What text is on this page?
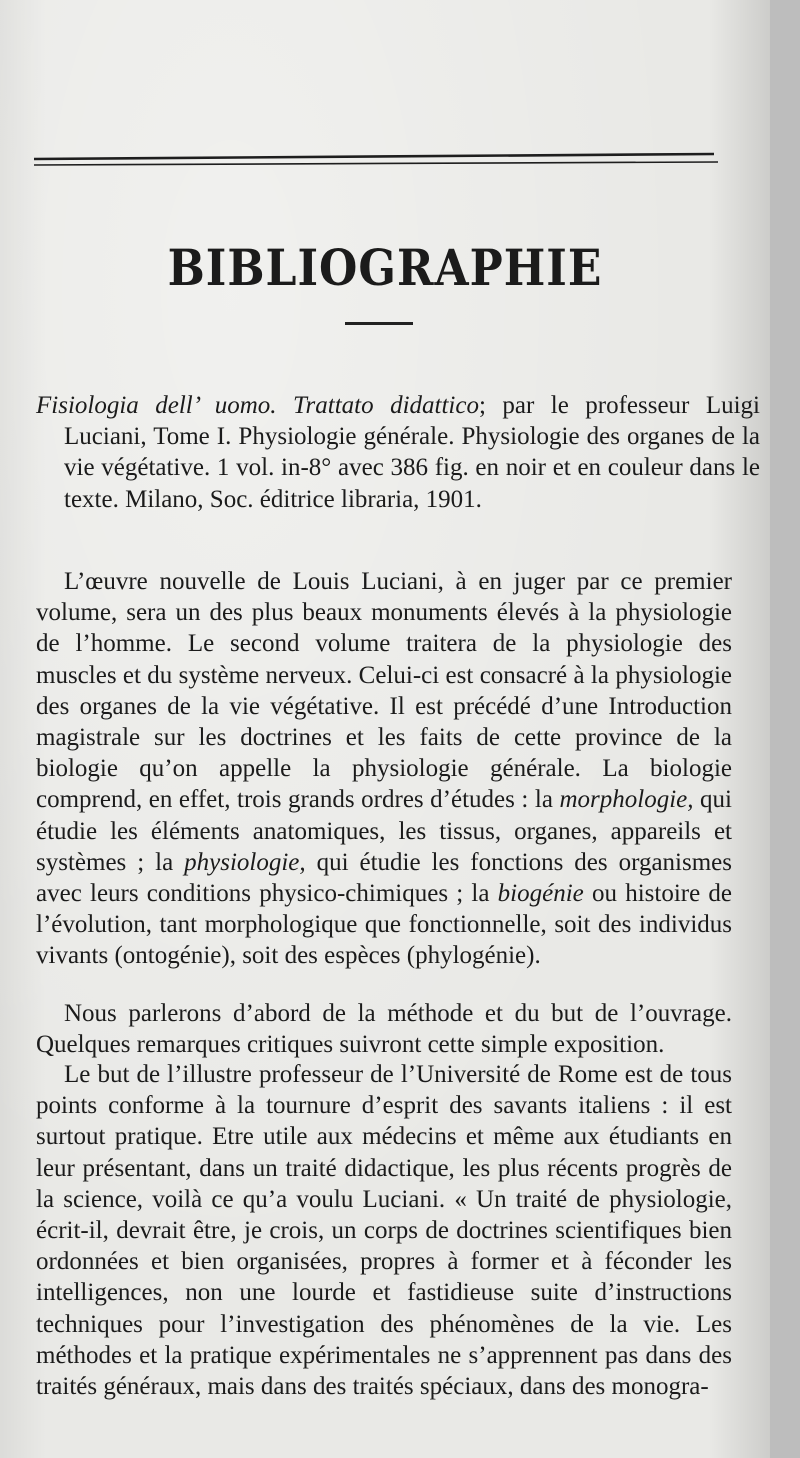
BIBLIOGRAPHIE

Fisiologia dell’ uomo. Trattato didattico; par le professeur Luigi Luciani, Tome I. Physiologie générale. Physiologie des organes de la vie végétative. 1 vol. in-8° avec 386 fig. en noir et en couleur dans le texte. Milano, Soc. éditrice libraria, 1901.

L’œuvre nouvelle de Louis Luciani, à en juger par ce premier volume, sera un des plus beaux monuments élevés à la physiologie de l’homme. Le second volume traitera de la physiologie des muscles et du système nerveux. Celui-ci est consacré à la physiologie des organes de la vie végétative. Il est précédé d’une Introduction magistrale sur les doctrines et les faits de cette province de la biologie qu’on appelle la physiologie générale. La biologie comprend, en effet, trois grands ordres d’études : la morphologie, qui étudie les éléments anatomiques, les tissus, organes, appareils et systèmes ; la physiologie, qui étudie les fonctions des organismes avec leurs conditions physico-chimiques ; la biogénie ou histoire de l’évolution, tant morphologique que fonctionnelle, soit des individus vivants (ontogénie), soit des espèces (phylogénie).

Nous parlerons d’abord de la méthode et du but de l’ouvrage. Quelques remarques critiques suivront cette simple exposition.

Le but de l’illustre professeur de l’Université de Rome est de tous points conforme à la tournure d’esprit des savants italiens : il est surtout pratique. Etre utile aux médecins et même aux étudiants en leur présentant, dans un traité didactique, les plus récents progrès de la science, voilà ce qu’a voulu Luciani. « Un traité de physiologie, écrit-il, devrait être, je crois, un corps de doctrines scientifiques bien ordonnées et bien organisées, propres à former et à féconder les intelligences, non une lourde et fastidieuse suite d’instructions techniques pour l’investigation des phénomènes de la vie. Les méthodes et la pratique expérimentales ne s’apprennent pas dans des traités généraux, mais dans des traités spéciaux, dans des monogra-
